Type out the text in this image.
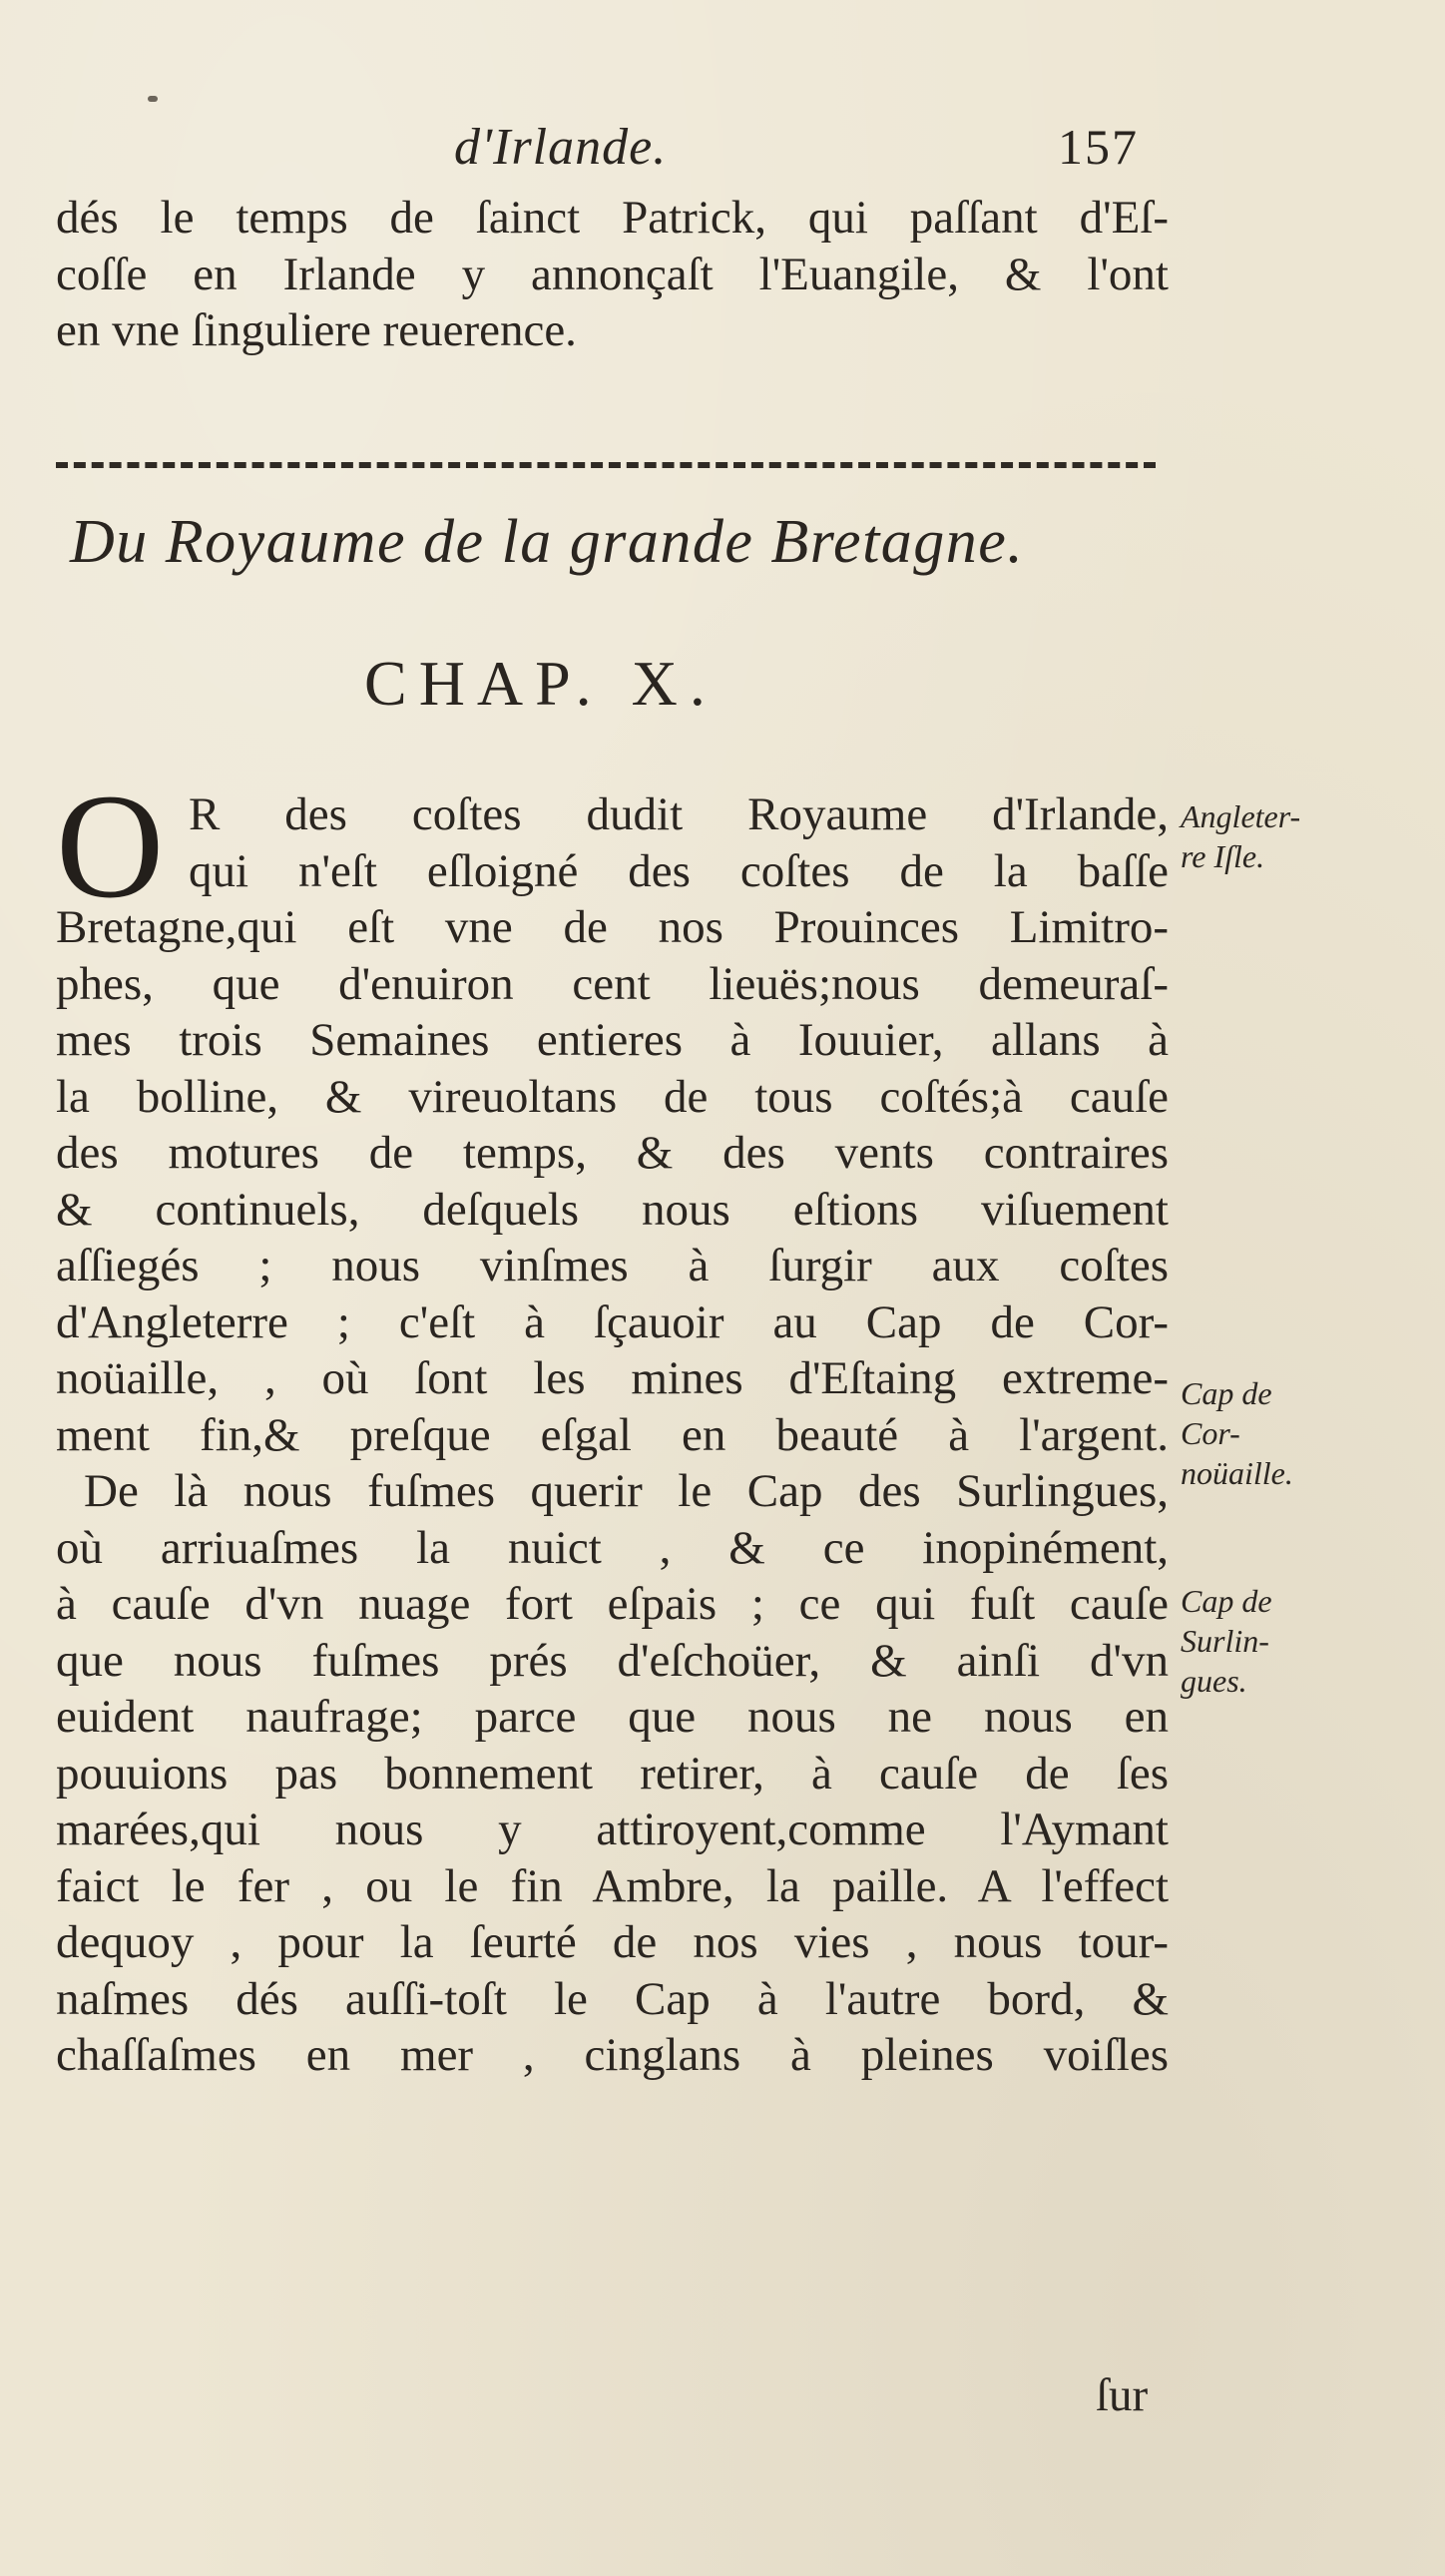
d'Irlande.	157
dés le temps de ſainct Patrick, qui paſſant d'Eſ-
coſſe en Irlande y annonçaſt l'Euangile, & l'ont
en vne ſinguliere reuerence.
Du Royaume de la grande Bretagne.
CHAP. X.
O R des coſtes dudit Royaume d'Irlande,
qui n'eſt eſloigné des coſtes de la baſſe
Bretagne,qui eſt vne de nos Prouinces Limitro-
phes, que d'enuiron cent lieuës;nous demeuraſ-
mes trois Semaines entieres à Iouuier, allans à
la bolline, & vireuoltans de tous coſtés;à cauſe
des motures de temps, & des vents contraires
& continuels, deſquels nous eſtions viſuement
aſſiegés ; nous vinſmes à ſurgir aux coſtes
d'Angleterre ; c'eſt à ſçauoir au Cap de Cor-
noüaille, , où ſont les mines d'Eſtaing extreme-
ment fin,& preſque eſgal en beauté à l'argent.
De là nous fuſmes querir le Cap des Surlingues,
où arriuaſmes la nuict , & ce inopinément,
à cauſe d'vn nuage fort eſpais ; ce qui fuſt cauſe
que nous fuſmes prés d'eſchoüer, & ainſi d'vn
euident naufrage; parce que nous ne nous en
pouuions pas bonnement retirer, à cauſe de ſes
marées,qui nous y attiroyent,comme l'Aymant
faict le fer , ou le fin Ambre, la paille. A l'effect
dequoy , pour la ſeurté de nos vies , nous tour-
naſmes dés auſſi-toſt le Cap à l'autre bord, &
chaſſaſmes en mer , cinglans à pleines voiſles
ſur
Angleter-
re Iſle.
Cap de
Cor-
noüaille.
Cap de
Surlin-
gues.
